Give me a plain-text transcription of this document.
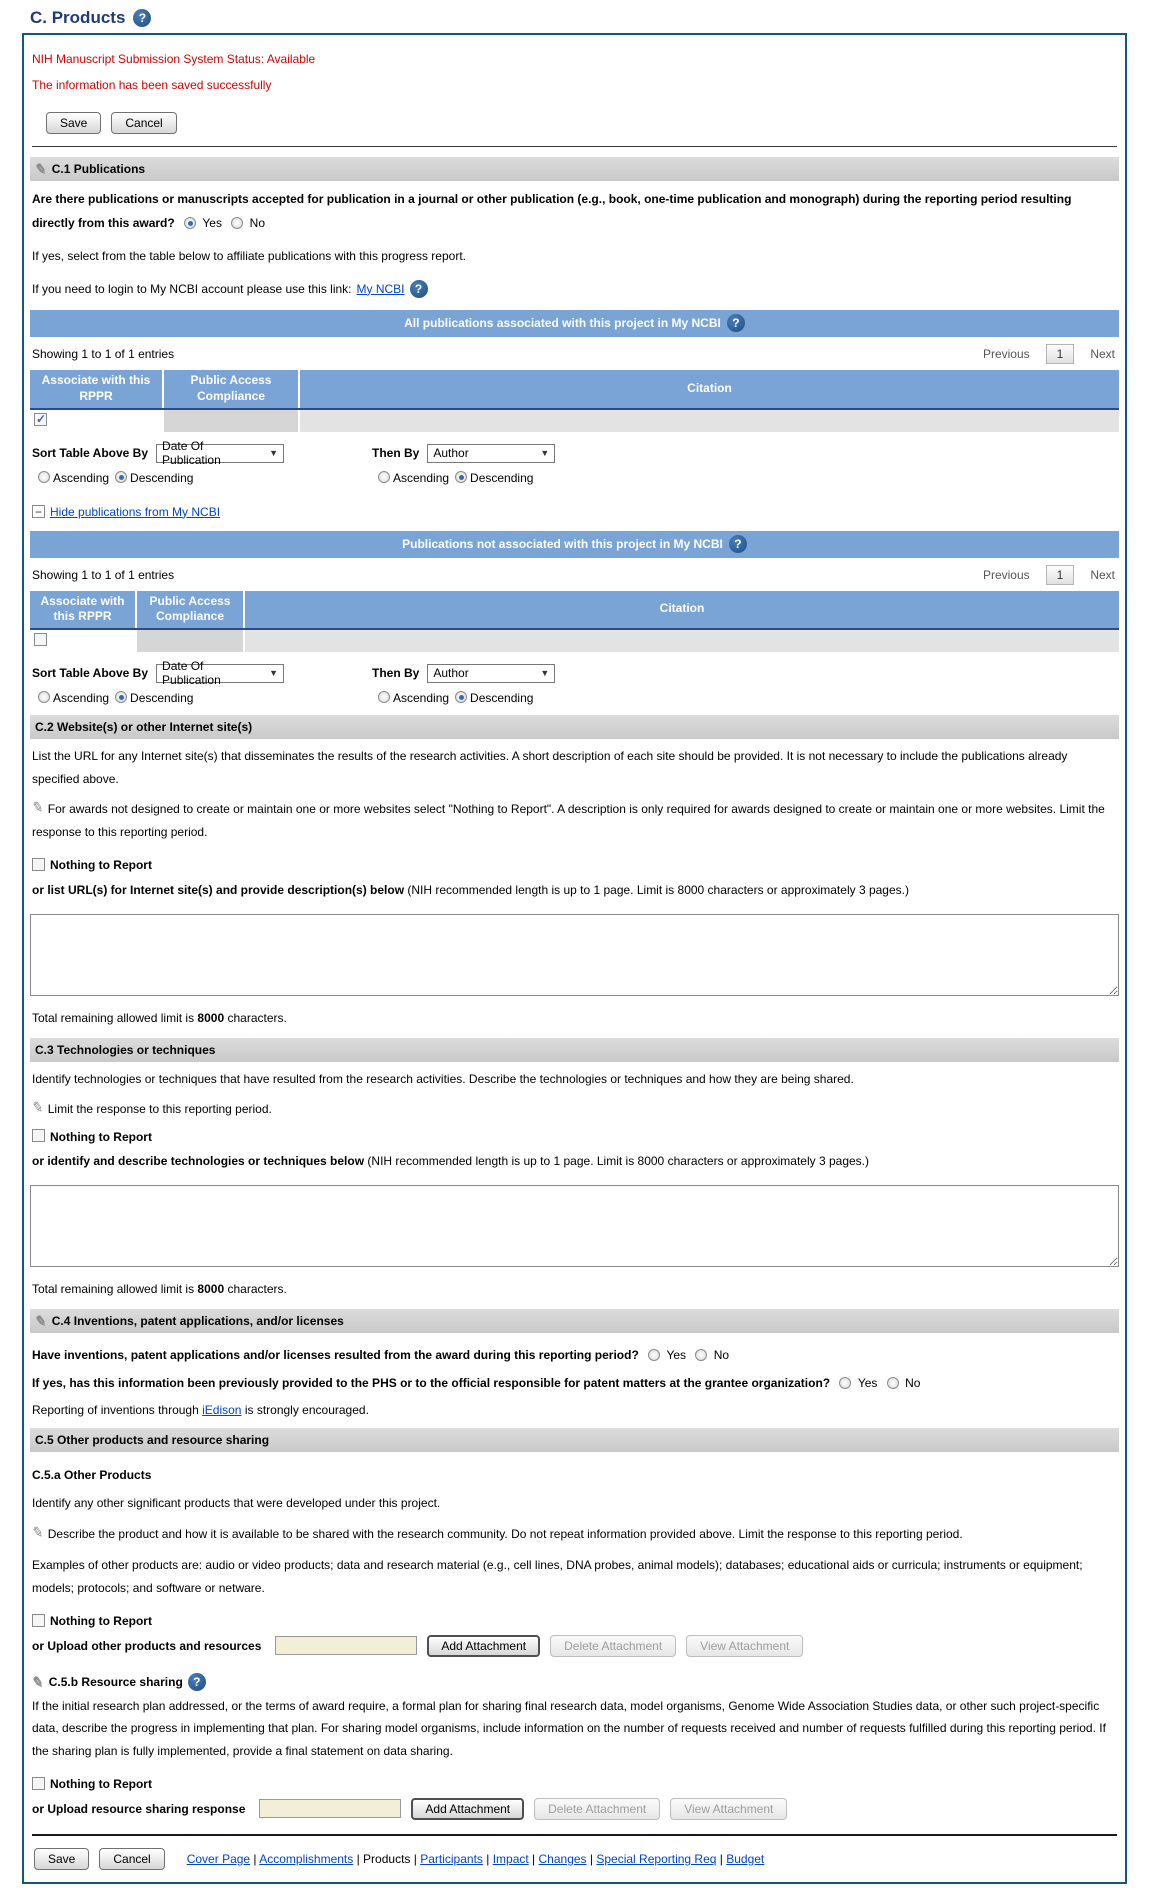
C. Products	?
NIH Manuscript Submission System Status: Available
The information has been saved successfully
Save	Cancel
✎ C.1 Publications
Are there publications or manuscripts accepted for publication in a journal or other publication (e.g., book, one-time publication and monograph) during the reporting period resulting directly from this award? Yes No
If yes, select from the table below to affiliate publications with this progress report.
If you need to login to My NCBI account please use this link: My NCBI ?
All publications associated with this project in My NCBI ?
Showing 1 to 1 of 1 entries	Previous	1	Next
Associate with this RPPR	Public Access Compliance	Citation
✓		
Sort Table Above By Date Of Publication	▼
Ascending Descending
Then By Author	▼
Ascending Descending
− Hide publications from My NCBI
Publications not associated with this project in My NCBI ?
Showing 1 to 1 of 1 entries	Previous	1	Next
Associate with this RPPR	Public Access Compliance	Citation

Sort Table Above By Date Of Publication	▼
Ascending Descending
Then By Author	▼
Ascending Descending
C.2 Website(s) or other Internet site(s)
List the URL for any Internet site(s) that disseminates the results of the research activities. A short description of each site should be provided. It is not necessary to include the publications already specified above.
✎ For awards not designed to create or maintain one or more websites select "Nothing to Report". A description is only required for awards designed to create or maintain one or more websites. Limit the response to this reporting period.
Nothing to Report
or list URL(s) for Internet site(s) and provide description(s) below (NIH recommended length is up to 1 page. Limit is 8000 characters or approximately 3 pages.)
Total remaining allowed limit is 8000 characters.
C.3 Technologies or techniques
Identify technologies or techniques that have resulted from the research activities. Describe the technologies or techniques and how they are being shared.
✎ Limit the response to this reporting period.
Nothing to Report
or identify and describe technologies or techniques below (NIH recommended length is up to 1 page. Limit is 8000 characters or approximately 3 pages.)
Total remaining allowed limit is 8000 characters.
✎ C.4 Inventions, patent applications, and/or licenses
Have inventions, patent applications and/or licenses resulted from the award during this reporting period? Yes No
If yes, has this information been previously provided to the PHS or to the official responsible for patent matters at the grantee organization? Yes No
Reporting of inventions through iEdison is strongly encouraged.
C.5 Other products and resource sharing
C.5.a Other Products
Identify any other significant products that were developed under this project.
✎ Describe the product and how it is available to be shared with the research community. Do not repeat information provided above. Limit the response to this reporting period.
Examples of other products are: audio or video products; data and research material (e.g., cell lines, DNA probes, animal models); databases; educational aids or curricula; instruments or equipment; models; protocols; and software or netware.
Nothing to Report
or Upload other products and resources	Add Attachment	Delete Attachment	View Attachment
✎ C.5.b Resource sharing ?
If the initial research plan addressed, or the terms of award require, a formal plan for sharing final research data, model organisms, Genome Wide Association Studies data, or other such project-specific data, describe the progress in implementing that plan. For sharing model organisms, include information on the number of requests received and number of requests fulfilled during this reporting period. If the sharing plan is fully implemented, provide a final statement on data sharing.
Nothing to Report
or Upload resource sharing response	Add Attachment	Delete Attachment	View Attachment
Save	Cancel	Cover Page | Accomplishments | Products | Participants | Impact | Changes | Special Reporting Req | Budget
